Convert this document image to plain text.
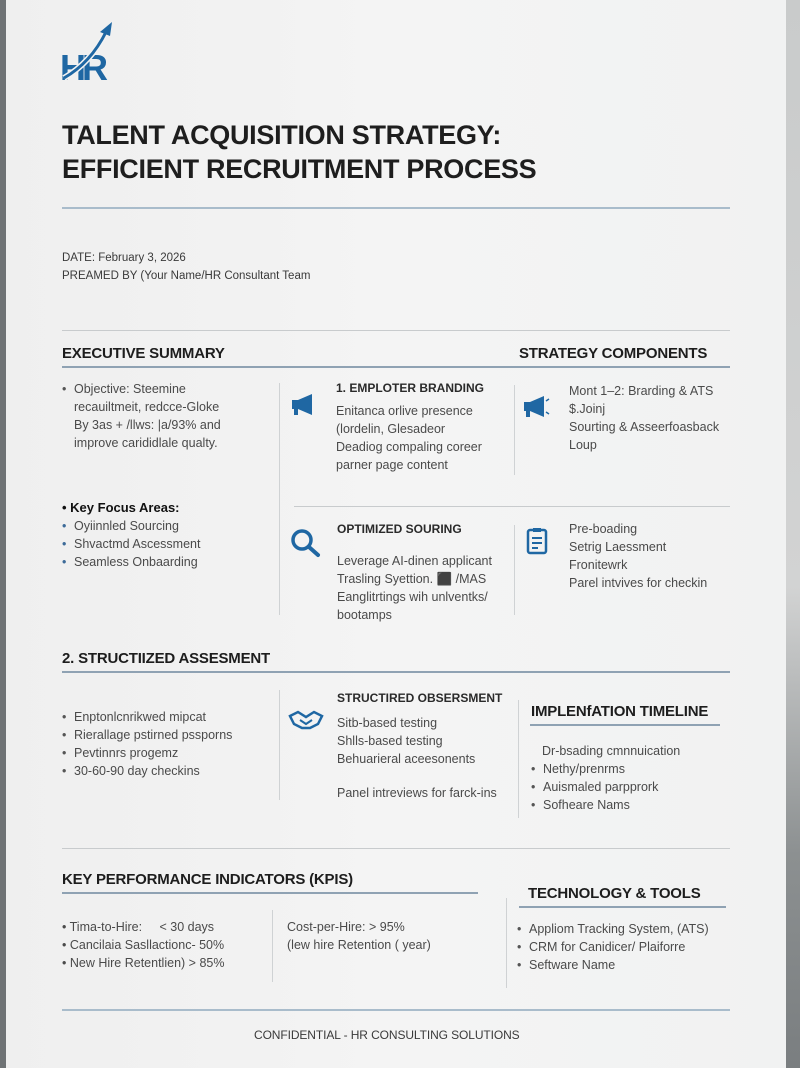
HR
TALENT ACQUISITION STRATEGY:
EFFICIENT RECRUITMENT PROCESS
DATE: February 3, 2026
PREAMED BY (Your Name/HR Consultant Team
EXECUTIVE SUMMARY	STRATEGY COMPONENTS
• Objective: Steemine
recauiltmeit, redcce-Gloke
By 3as + /llws: |a/93% and
improve carididlale qualty.
• Key Focus Areas:
• Oyiinnled Sourcing
• Shvactmd Ascessment
• Seamless Onbaarding
1. EMPLOTER BRANDING
Enitanca orlive presence
(lordelin, Glesadeor
Deadiog compaling coreer
parner page content
Mont 1–2: Brarding & ATS
$.Joinj
Sourting & Asseerfoasback
Loup
OPTIMIZED SOURING
Leverage AI-dinen applicant
Trasling Syettion. ⬛ /MAS
Eanglitrtings wih unlventks/
bootamps
Pre-boading
Setrig Laessment
Fronitewrk
Parel intvives for checkin
2. STRUCTIIZED ASSESMENT
• Enptonlcnrikwed mipcat
• Rierallage pstirned pssporns
• Pevtinnrs progemz
• 30-60-90 day checkins
STRUCTIRED OBSERSMENT
Sitb-based testing
Shlls-based testing
Behuarieral aceesonents
Panel intreviews for farck-ins
IMPLENfATION TIMELINE
Dr-bsading cmnnuication
• Nethy/prenrms
• Auismaled parpprork
• Sofheare Nams
KEY PERFORMANCE INDICATORS (KPIS)
• Tima-to-Hire: < 30 days
• Cancilaia Sasllactionc- 50%
• New Hire Retentlien) > 85%
Cost-per-Hire: > 95%
(lew hire Retention ( year)
TECHNOLOGY & TOOLS
• Appliom Tracking System, (ATS)
• CRM for Canidicer/ Plaiforre
• Seftware Name
CONFIDENTIAL - HR CONSULTING SOLUTIONS
